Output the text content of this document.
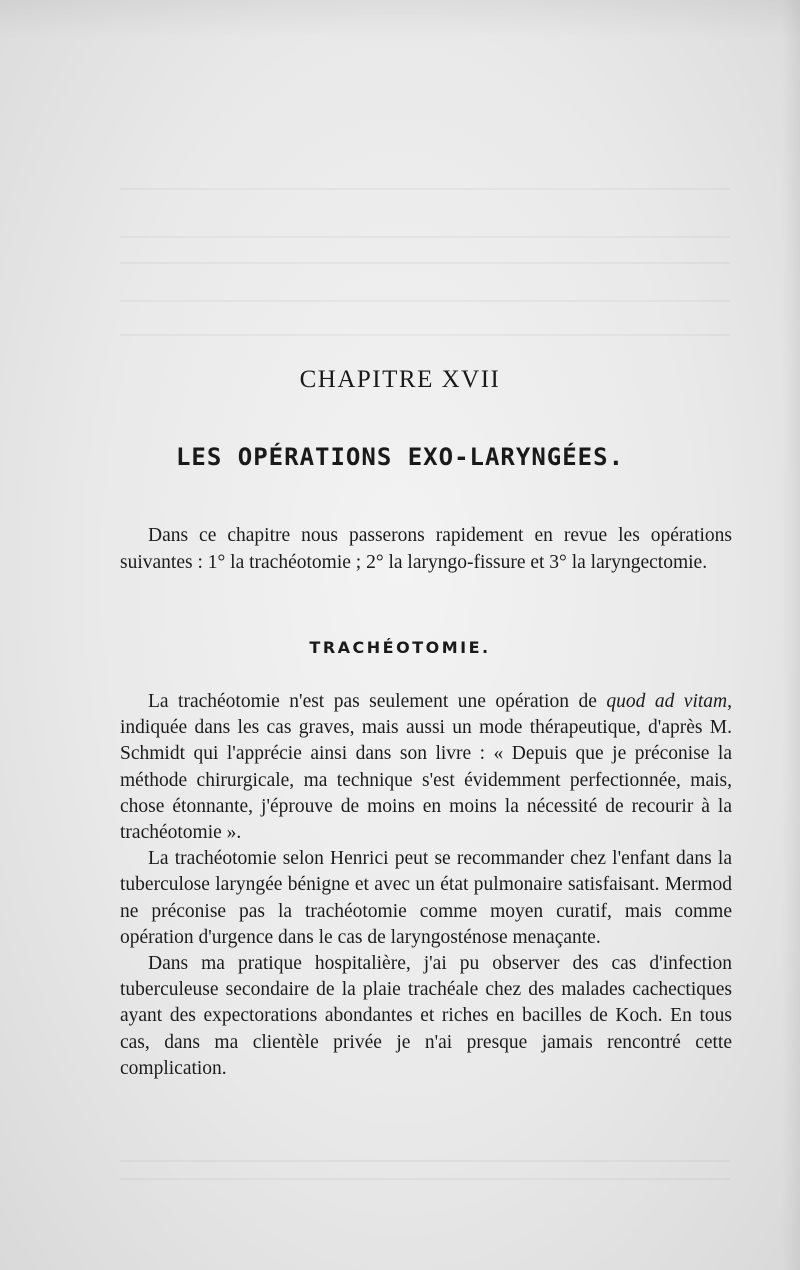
CHAPITRE XVII
LES OPÉRATIONS EXO-LARYNGÉES.

Dans ce chapitre nous passerons rapidement en revue les opérations suivantes : 1° la trachéotomie ; 2° la laryngo-fissure et 3° la laryngectomie.

TRACHÉOTOMIE.

La trachéotomie n'est pas seulement une opération de quod ad vitam, indiquée dans les cas graves, mais aussi un mode thérapeutique, d'après M. Schmidt qui l'apprécie ainsi dans son livre : « Depuis que je préconise la méthode chirurgicale, ma technique s'est évidemment perfectionnée, mais, chose étonnante, j'éprouve de moins en moins la nécessité de recourir à la trachéotomie ».

La trachéotomie selon Henrici peut se recommander chez l'enfant dans la tuberculose laryngée bénigne et avec un état pulmonaire satisfaisant. Mermod ne préconise pas la trachéotomie comme moyen curatif, mais comme opération d'urgence dans le cas de laryngosténose menaçante.

Dans ma pratique hospitalière, j'ai pu observer des cas d'infection tuberculeuse secondaire de la plaie trachéale chez des malades cachectiques ayant des expectorations abondantes et riches en bacilles de Koch. En tous cas, dans ma clientèle privée je n'ai presque jamais rencontré cette complication.
